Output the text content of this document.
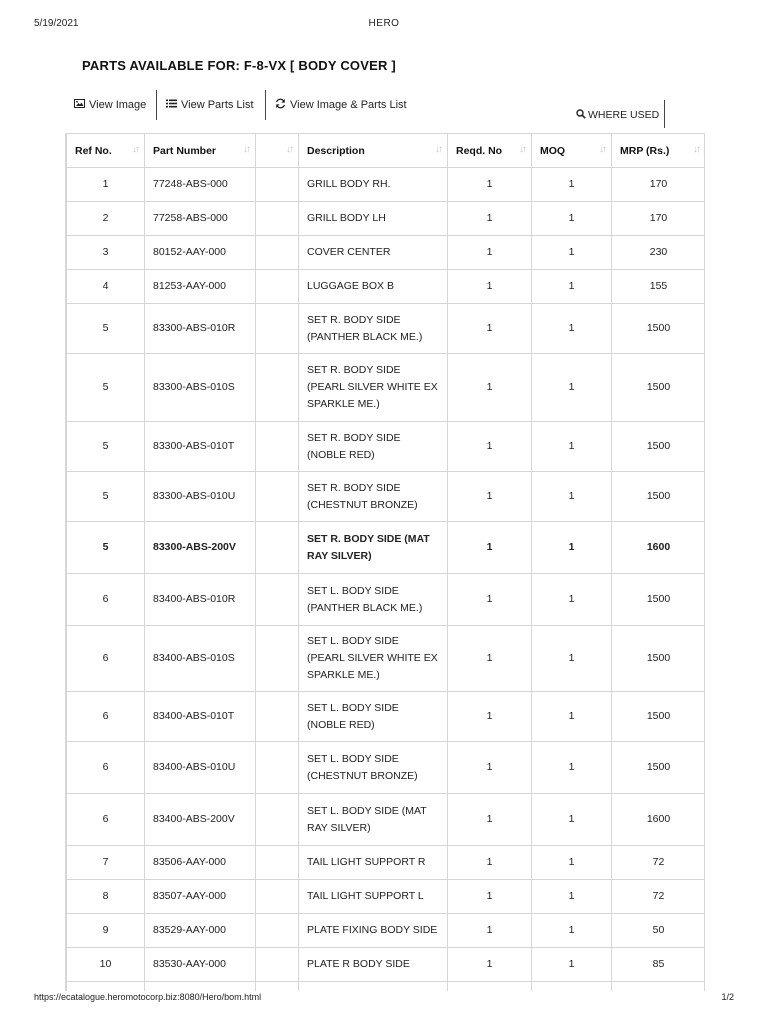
5/19/2021	HERO
PARTS AVAILABLE FOR: F-8-VX [ BODY COVER ]
View Image	View Parts List	View Image & Parts List
WHERE USED
Ref No. ↓↑	Part Number ↓↑	↓↑	Description ↓↑	Reqd. No ↓↑	MOQ ↓↑	MRP (Rs.) ↓↑

1	77248-ABS-000		GRILL BODY RH.	1	1	170
2	77258-ABS-000		GRILL BODY LH	1	1	170
3	80152-AAY-000		COVER CENTER	1	1	230
4	81253-AAY-000		LUGGAGE BOX B	1	1	155
5	83300-ABS-010R		SET R. BODY SIDE (PANTHER BLACK ME.)	1	1	1500
5	83300-ABS-010S		SET R. BODY SIDE (PEARL SILVER WHITE EX SPARKLE ME.)	1	1	1500
5	83300-ABS-010T		SET R. BODY SIDE (NOBLE RED)	1	1	1500
5	83300-ABS-010U		SET R. BODY SIDE (CHESTNUT BRONZE)	1	1	1500
5	83300-ABS-200V		SET R. BODY SIDE (MAT RAY SILVER)	1	1	1600
6	83400-ABS-010R		SET L. BODY SIDE (PANTHER BLACK ME.)	1	1	1500
6	83400-ABS-010S		SET L. BODY SIDE (PEARL SILVER WHITE EX SPARKLE ME.)	1	1	1500
6	83400-ABS-010T		SET L. BODY SIDE (NOBLE RED)	1	1	1500
6	83400-ABS-010U		SET L. BODY SIDE (CHESTNUT BRONZE)	1	1	1500
6	83400-ABS-200V		SET L. BODY SIDE (MAT RAY SILVER)	1	1	1600
7	83506-AAY-000		TAIL LIGHT SUPPORT R	1	1	72
8	83507-AAY-000		TAIL LIGHT SUPPORT L	1	1	72
9	83529-AAY-000		PLATE FIXING BODY SIDE	1	1	50
10	83530-AAY-000		PLATE R BODY SIDE	1	1	85

https://ecatalogue.heromotocorp.biz:8080/Hero/bom.html	1/2
